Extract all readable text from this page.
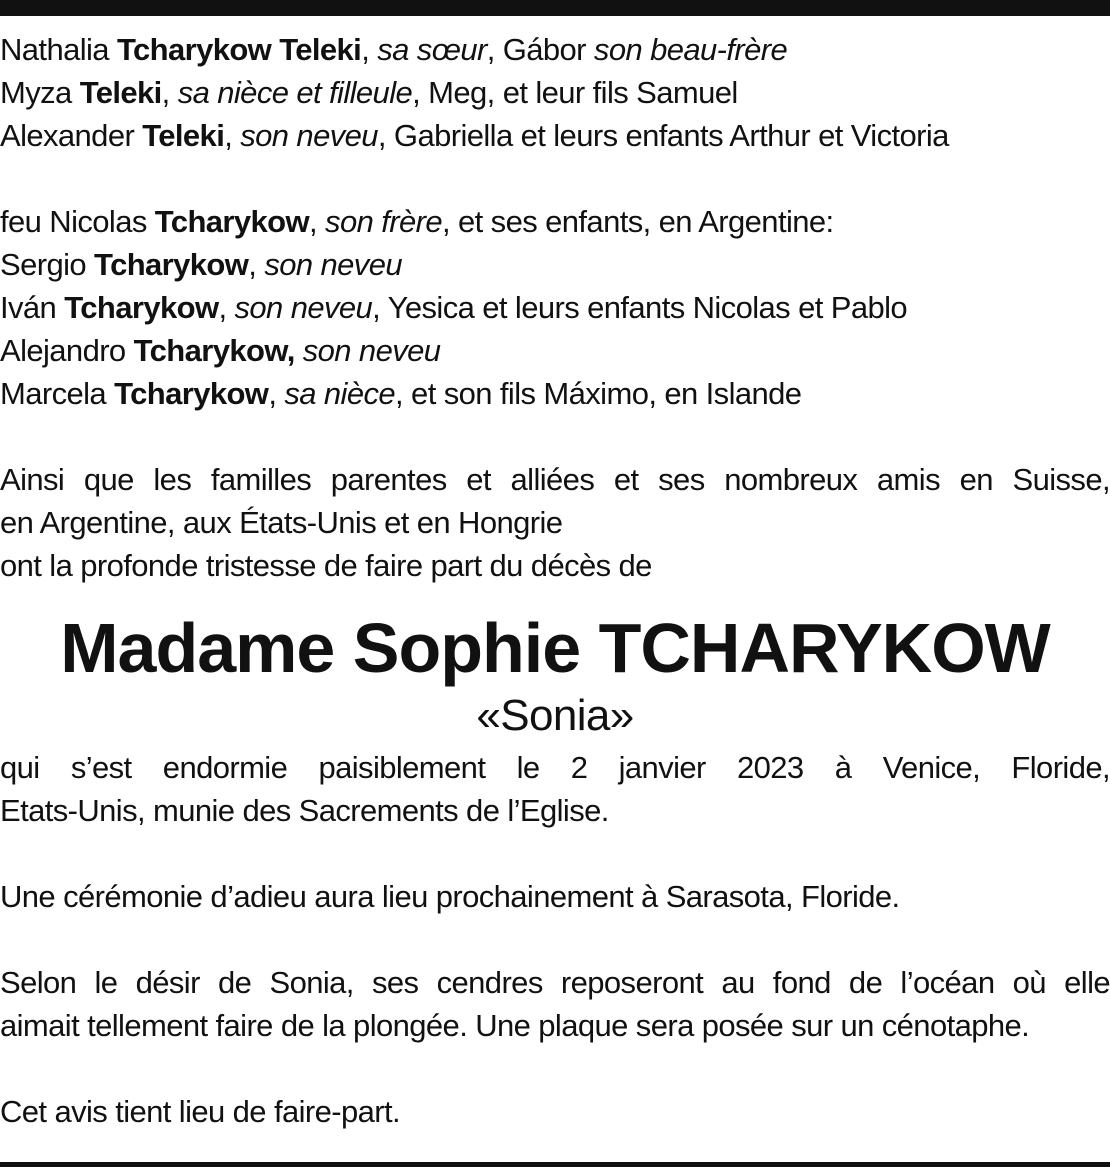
Nathalia Tcharykow Teleki, sa sœur, Gábor son beau-frère
Myza Teleki, sa nièce et filleule, Meg, et leur fils Samuel
Alexander Teleki, son neveu, Gabriella et leurs enfants Arthur et Victoria
feu Nicolas Tcharykow, son frère, et ses enfants, en Argentine:
Sergio Tcharykow, son neveu
Iván Tcharykow, son neveu, Yesica et leurs enfants Nicolas et Pablo
Alejandro Tcharykow, son neveu
Marcela Tcharykow, sa nièce, et son fils Máximo, en Islande
Ainsi que les familles parentes et alliées et ses nombreux amis en Suisse,
en Argentine, aux États-Unis et en Hongrie
ont la profonde tristesse de faire part du décès de
Madame Sophie TCHARYKOW
«Sonia»
qui s’est endormie paisiblement le 2 janvier 2023 à Venice, Floride,
Etats-Unis, munie des Sacrements de l’Eglise.
Une cérémonie d’adieu aura lieu prochainement à Sarasota, Floride.
Selon le désir de Sonia, ses cendres reposeront au fond de l’océan où elle
aimait tellement faire de la plongée. Une plaque sera posée sur un cénotaphe.
Cet avis tient lieu de faire-part.
